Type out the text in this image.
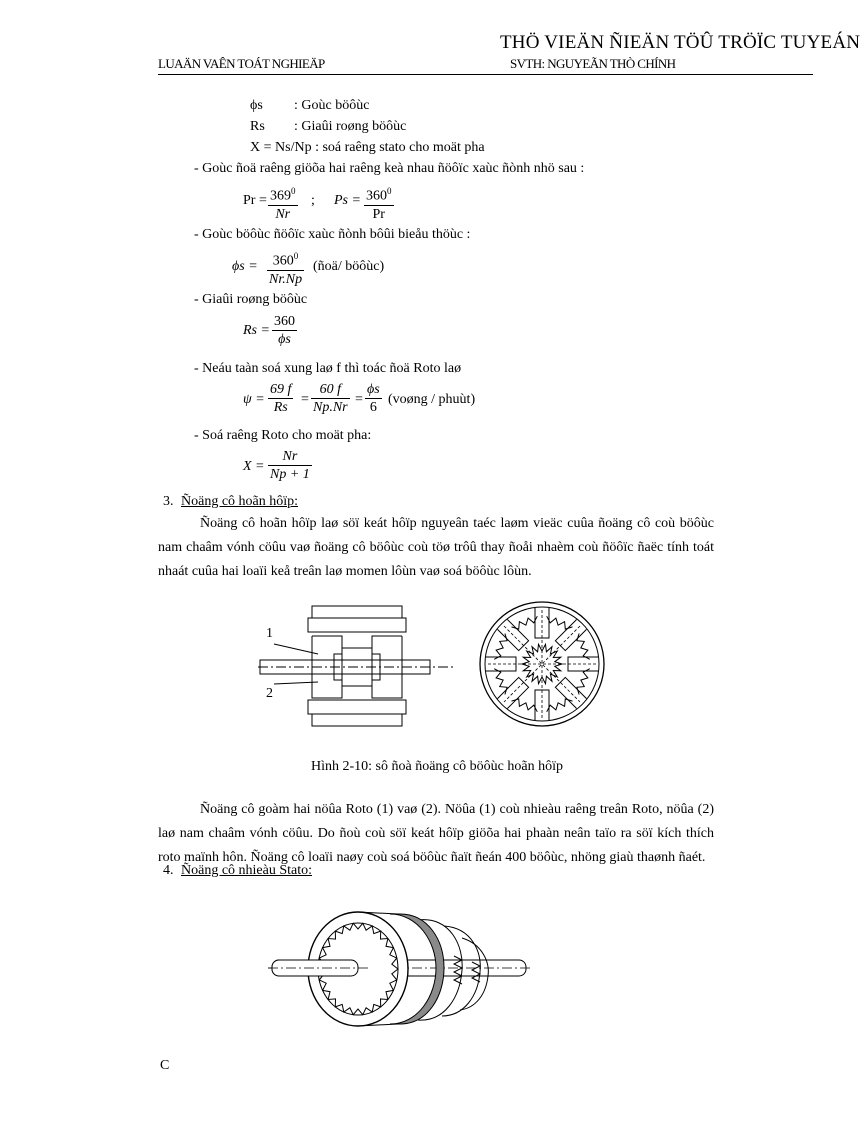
THÖ VIEÄN ÑIEÄN TÖÛ TRÖÏC TUYEÁN
LUAÄN VAÊN TOÁT NGHIEÄP	SVTH: NGUYEÃN THÒ CHÍNH
ϕs : Goùc böôùc
Rs : Giaûi roøng böôùc
X = Ns/Np : soá raêng stato cho moät pha
- Goùc ñoä raêng giöõa hai raêng keà nhau ñöôïc xaùc ñònh nhö sau :
$Pr = 369^0$
Nr
; $Ps = 360^0$
Pr
- Goùc böôùc ñöôïc xaùc ñònh bôûi bieåu thöùc :
$\phi s = 360^0$
Nr.Np
(ñoä/ böôùc)
- Giaûi roøng böôùc
Rs =
360
ϕs
- Neáu taàn soá xung laø f thì toác ñoä Roto laø
ψ =
69 f
Rs
=
60 f
Np.Nr
=
ϕs
6
(voøng / phuùt)
- Soá raêng Roto cho moät pha:
X =
Nr
Np + 1
3. Ñoäng cô hoãn hôïp:
Ñoäng cô hoãn hôïp laø söï keát hôïp nguyeân taéc laøm vieäc cuûa ñoäng cô coù böôùc nam chaâm vónh cöûu vaø ñoäng cô böôùc coù töø trôû thay ñoåi nhaèm coù ñöôïc ñaëc tính toát nhaát cuûa hai loaïi keå treân laø momen lôùn vaø soá böôùc lôùn.
1
2
Hình 2-10: sô ñoà ñoäng cô böôùc hoãn hôïp
Ñoäng cô goàm hai nöûa Roto (1) vaø (2). Nöûa (1) coù nhieàu raêng treân Roto, nöûa (2) laø nam chaâm vónh cöûu. Do ñoù coù söï keát hôïp giöõa hai phaàn neân taïo ra söï kích thích roto maïnh hôn. Ñoäng cô loaïi naøy coù soá böôùc ñaït ñeán 400 böôùc, nhöng giaù thaønh ñaét.
4. Ñoäng cô nhieàu Stato:
C
